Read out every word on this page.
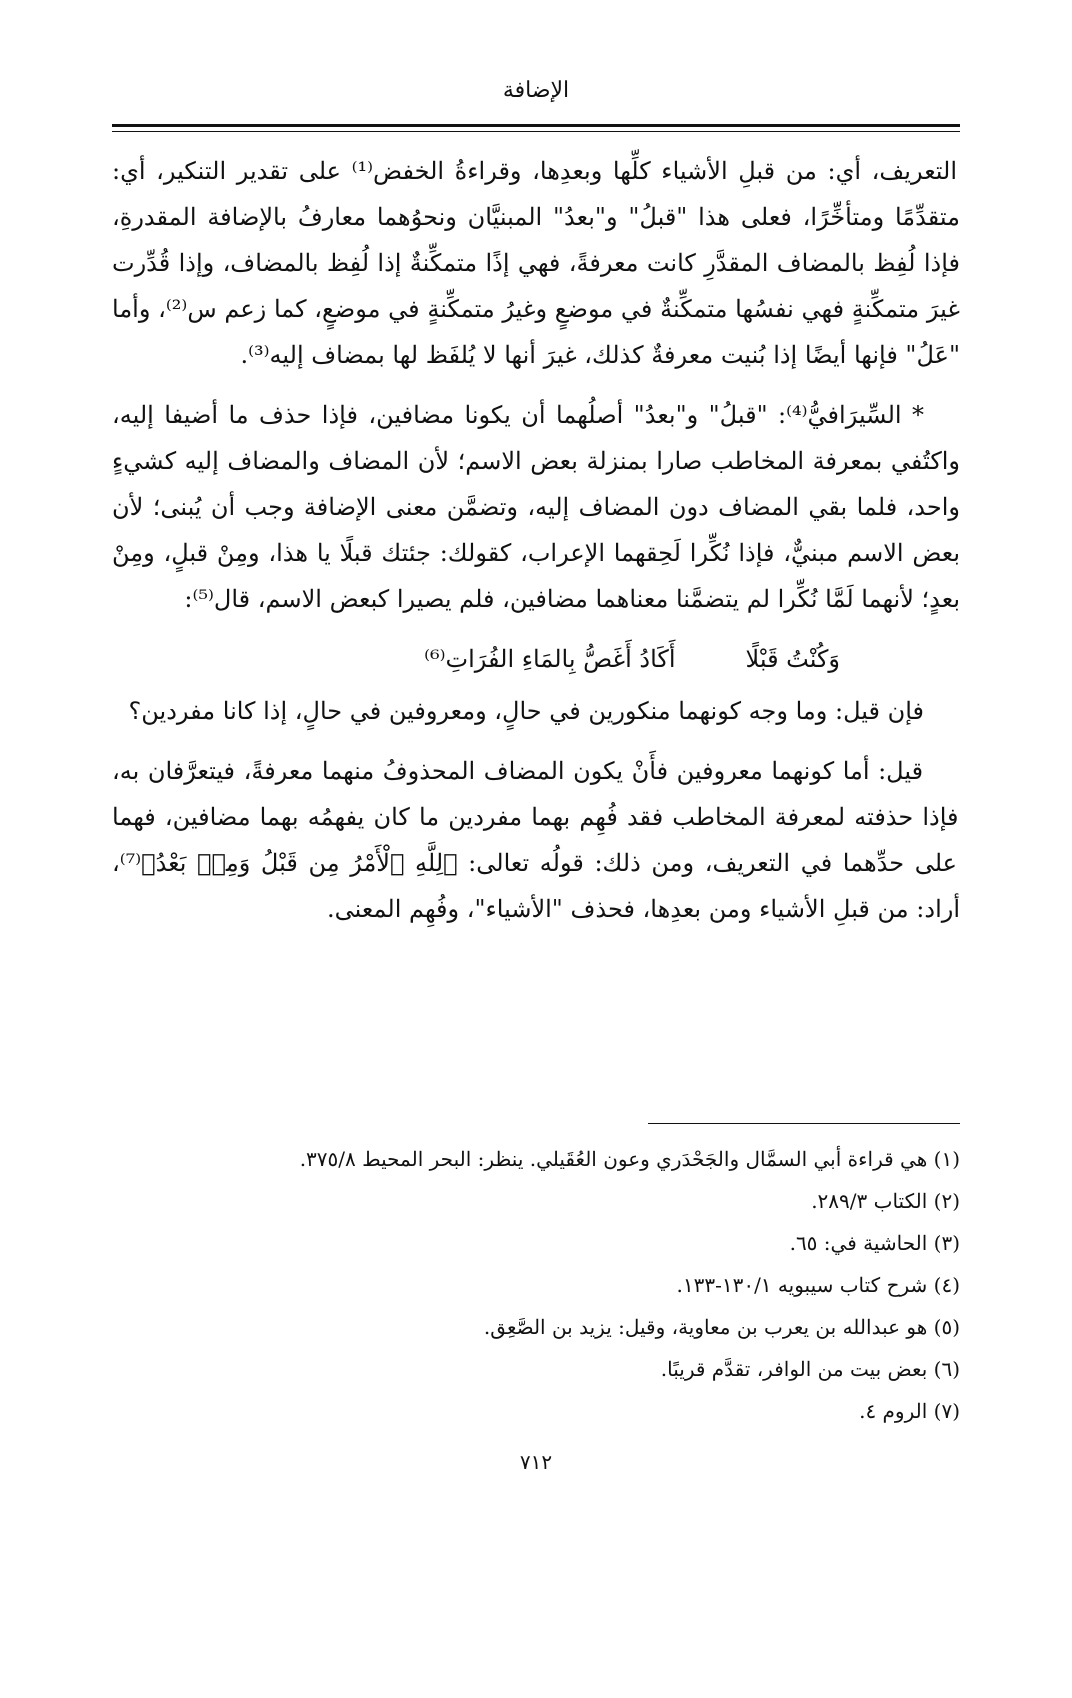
الإضافة

التعريف، أي: من قبلِ الأشياء كلِّها وبعدِها، وقراءةُ الخفض⁽¹⁾ على تقدير التنكير، أي: متقدِّمًا ومتأخِّرًا، فعلى هذا "قبلُ" و"بعدُ" المبنيَّان ونحوُهما معارفُ بالإضافة المقدرةِ، فإذا لُفِظ بالمضاف المقدَّرِ كانت معرفةً، فهي إذًا متمكِّنةٌ إذا لُفِظ بالمضاف، وإذا قُدِّرت غيرَ متمكِّنةٍ فهي نفسُها متمكِّنةٌ في موضعٍ وغيرُ متمكِّنةٍ في موضعٍ، كما زعم س⁽²⁾، وأما "عَلُ" فإنها أيضًا إذا بُنيت معرفةٌ كذلك، غيرَ أنها لا يُلفَظ لها بمضاف إليه⁽³⁾.

* السِّيرَافيُّ⁽⁴⁾: "قبلُ" و"بعدُ" أصلُهما أن يكونا مضافين، فإذا حذف ما أضيفا إليه، واكتُفي بمعرفة المخاطب صارا بمنزلة بعض الاسم؛ لأن المضاف والمضاف إليه كشيءٍ واحد، فلما بقي المضاف دون المضاف إليه، وتضمَّن معنى الإضافة وجب أن يُبنى؛ لأن بعض الاسم مبنيٌّ، فإذا نُكِّرا لَحِقهما الإعراب، كقولك: جئتك قبلًا يا هذا، ومِنْ قبلٍ، ومِنْ بعدٍ؛ لأنهما لَمَّا نُكِّرا لم يتضمَّنا معناهما مضافين، فلم يصيرا كبعض الاسم، قال⁽⁵⁾:

وَكُنْتُ قَبْلًا
أَكَادُ أَغَصُّ بِالمَاءِ الفُرَاتِ⁽⁶⁾

فإن قيل: وما وجه كونهما منكورين في حالٍ، ومعروفين في حالٍ، إذا كانا مفردين؟

قيل: أما كونهما معروفين فأَنْ يكون المضاف المحذوفُ منهما معرفةً، فيتعرَّفان به، فإذا حذفته لمعرفة المخاطب فقد فُهِم بهما مفردين ما كان يفهمُه بهما مضافين، فهما على حدِّهما في التعريف، ومن ذلك: قولُه تعالى: ﴿لِلَّهِ ٱلْأَمْرُ مِن قَبْلُ وَمِنۢ بَعْدُ﴾⁽⁷⁾، أراد: من قبلِ الأشياء ومن بعدِها، فحذف "الأشياء"، وفُهِم المعنى.

(١) هي قراءة أبي السمَّال والجَحْدَري وعون العُقَيلي. ينظر: البحر المحيط ٣٧٥/٨.
(٢) الكتاب ٢٨٩/٣.
(٣) الحاشية في: ٦٥.
(٤) شرح كتاب سيبويه ١٣٠/١-١٣٣.
(٥) هو عبدالله بن يعرب بن معاوية، وقيل: يزيد بن الصَّعِق.
(٦) بعض بيت من الوافر، تقدَّم قريبًا.
(٧) الروم ٤.
٧١٢
